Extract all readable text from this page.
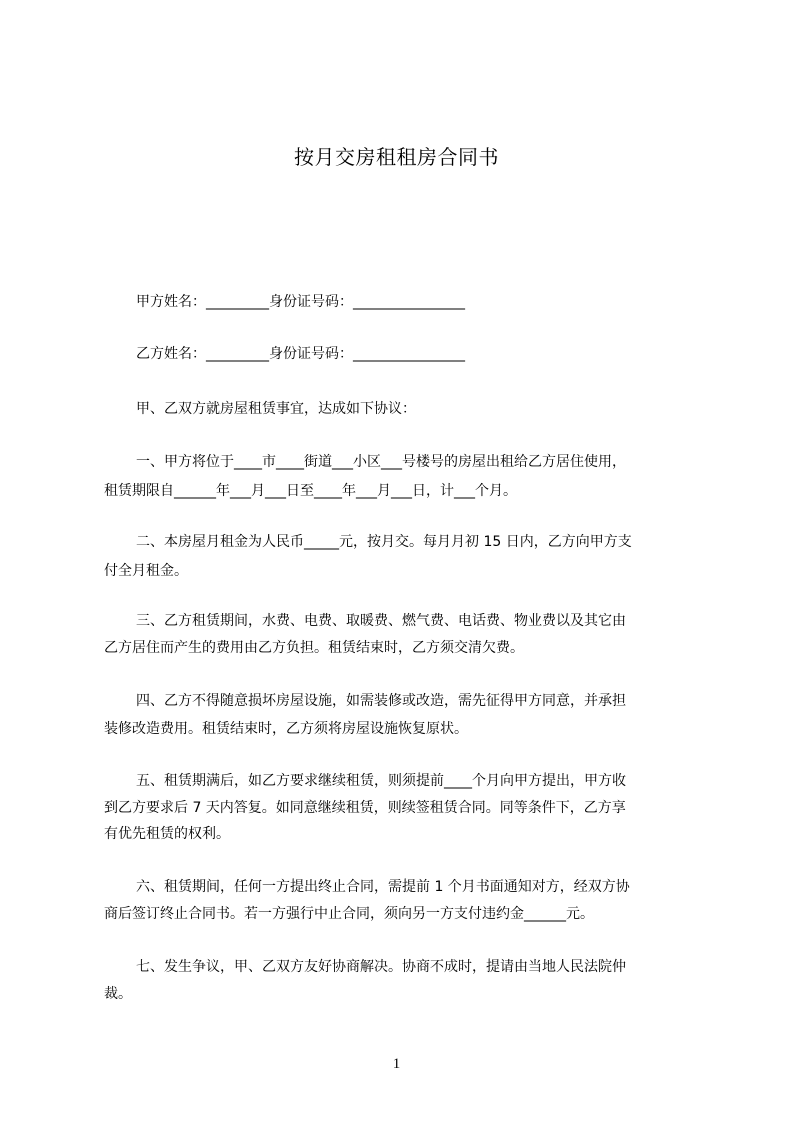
按月交房租租房合同书
甲方姓名：_________身份证号码：________________
乙方姓名：_________身份证号码：________________
甲、乙双方就房屋租赁事宜，达成如下协议：
一、甲方将位于____市____街道___小区___号楼号的房屋出租给乙方居住使用，
租赁期限自______年___月___日至____年___月___日，计___个月。
二、本房屋月租金为人民币_____元，按月交。每月月初 15 日内，乙方向甲方支
付全月租金。
三、乙方租赁期间，水费、电费、取暖费、燃气费、电话费、物业费以及其它由
乙方居住而产生的费用由乙方负担。租赁结束时，乙方须交清欠费。
四、乙方不得随意损坏房屋设施，如需装修或改造，需先征得甲方同意，并承担
装修改造费用。租赁结束时，乙方须将房屋设施恢复原状。
五、租赁期满后，如乙方要求继续租赁，则须提前____个月向甲方提出，甲方收
到乙方要求后 7 天内答复。如同意继续租赁，则续签租赁合同。同等条件下，乙方享
有优先租赁的权利。
六、租赁期间，任何一方提出终止合同，需提前 1 个月书面通知对方，经双方协
商后签订终止合同书。若一方强行中止合同，须向另一方支付违约金______元。
七、发生争议，甲、乙双方友好协商解决。协商不成时，提请由当地人民法院仲
裁。
1
